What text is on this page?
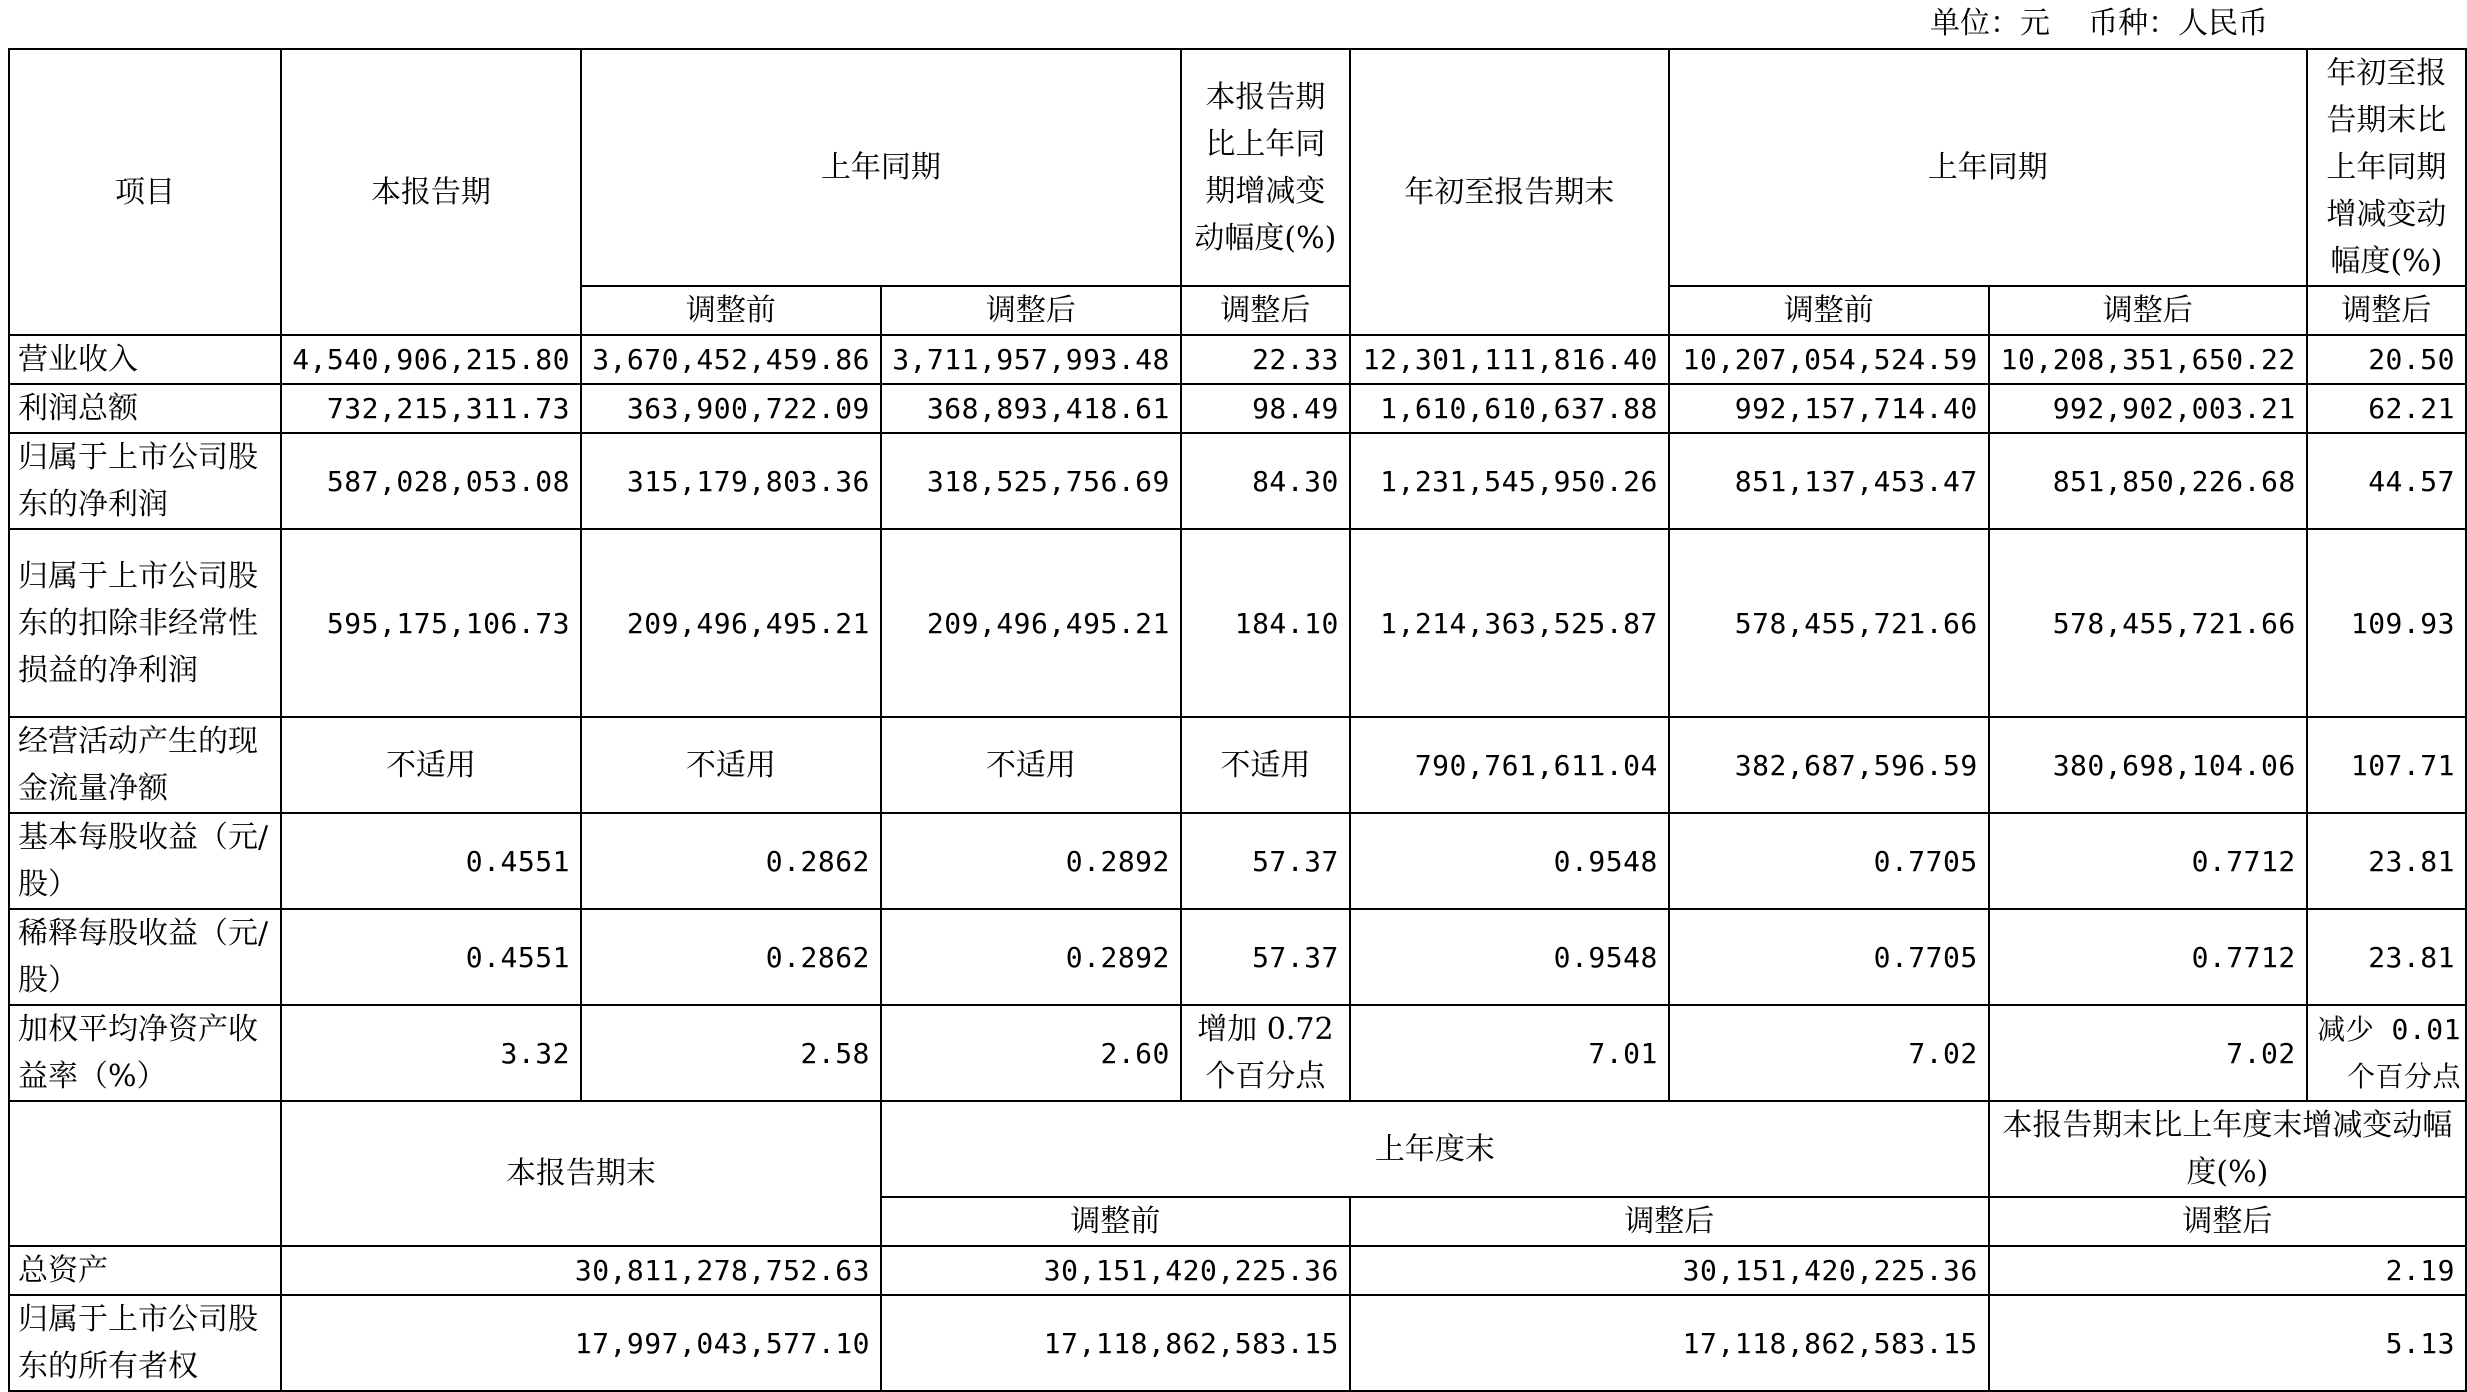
单位：元    币种：人民币
项目	本报告期	上年同期		本报告期比上年同期增减变动幅度(%)	年初至报告期末	上年同期		年初至报告期末比上年同期增减变动幅度(%)
		调整前	调整后	调整后		调整前	调整后	调整后
营业收入	4,540,906,215.80	3,670,452,459.86	3,711,957,993.48	22.33	12,301,111,816.40	10,207,054,524.59	10,208,351,650.22	20.50
利润总额	732,215,311.73	363,900,722.09	368,893,418.61	98.49	1,610,610,637.88	992,157,714.40	992,902,003.21	62.21
归属于上市公司股东的净利润	587,028,053.08	315,179,803.36	318,525,756.69	84.30	1,231,545,950.26	851,137,453.47	851,850,226.68	44.57
归属于上市公司股东的扣除非经常性损益的净利润	595,175,106.73	209,496,495.21	209,496,495.21	184.10	1,214,363,525.87	578,455,721.66	578,455,721.66	109.93
经营活动产生的现金流量净额	不适用	不适用	不适用	不适用	790,761,611.04	382,687,596.59	380,698,104.06	107.71
基本每股收益（元/股）	0.4551	0.2862	0.2892	57.37	0.9548	0.7705	0.7712	23.81
稀释每股收益（元/股）	0.4551	0.2862	0.2892	57.37	0.9548	0.7705	0.7712	23.81
加权平均净资产收益率（%）	3.32	2.58	2.60	增加 0.72 个百分点	7.01	7.02	7.02	减少 0.01 个百分点
	本报告期末		上年度末				本报告期末比上年度末增减变动幅度(%)	
			调整前		调整后		调整后	
总资产	30,811,278,752.63		30,151,420,225.36		30,151,420,225.36		2.19	
归属于上市公司股东的所有者权	17,997,043,577.10		17,118,862,583.15		17,118,862,583.15		5.13	
